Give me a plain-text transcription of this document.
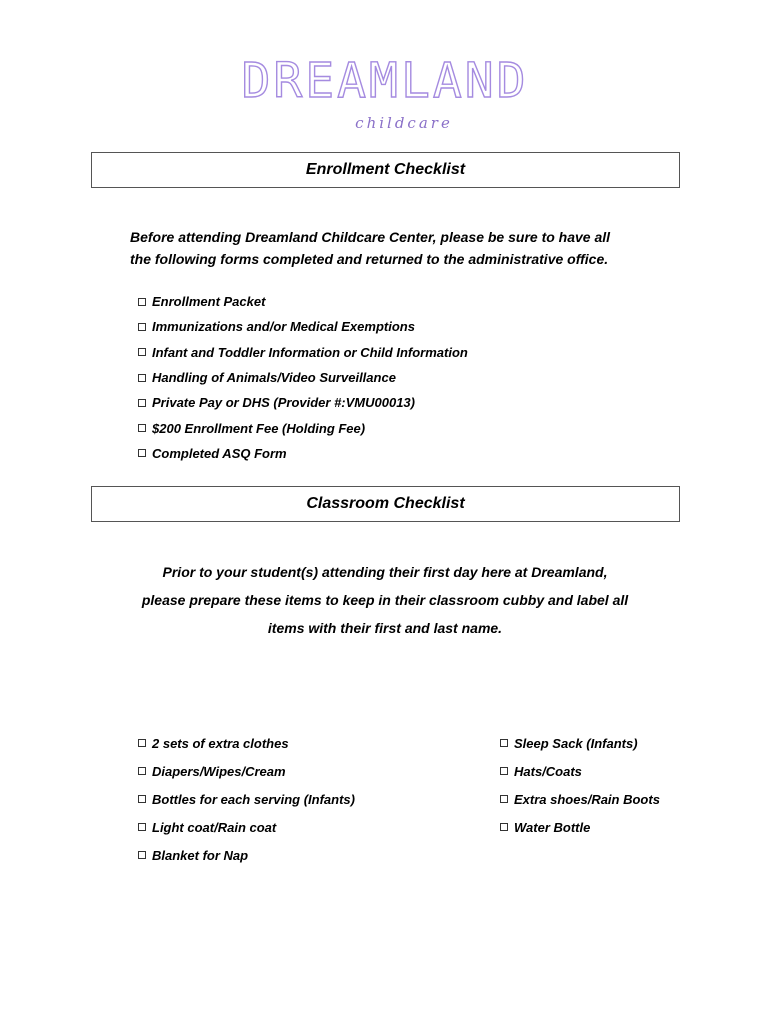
DREAMLAND
childcare
Enrollment Checklist
Before attending Dreamland Childcare Center, please be sure to have all
the following forms completed and returned to the administrative office.
Enrollment Packet
Immunizations and/or Medical Exemptions
Infant and Toddler Information or Child Information
Handling of Animals/Video Surveillance
Private Pay or DHS (Provider #:VMU00013)
$200 Enrollment Fee (Holding Fee)
Completed ASQ Form
Classroom Checklist
Prior to your student(s) attending their first day here at Dreamland,
please prepare these items to keep in their classroom cubby and label all
items with their first and last name.
2 sets of extra clothes
Diapers/Wipes/Cream
Bottles for each serving (Infants)
Light coat/Rain coat
Blanket for Nap
Sleep Sack (Infants)
Hats/Coats
Extra shoes/Rain Boots
Water Bottle
